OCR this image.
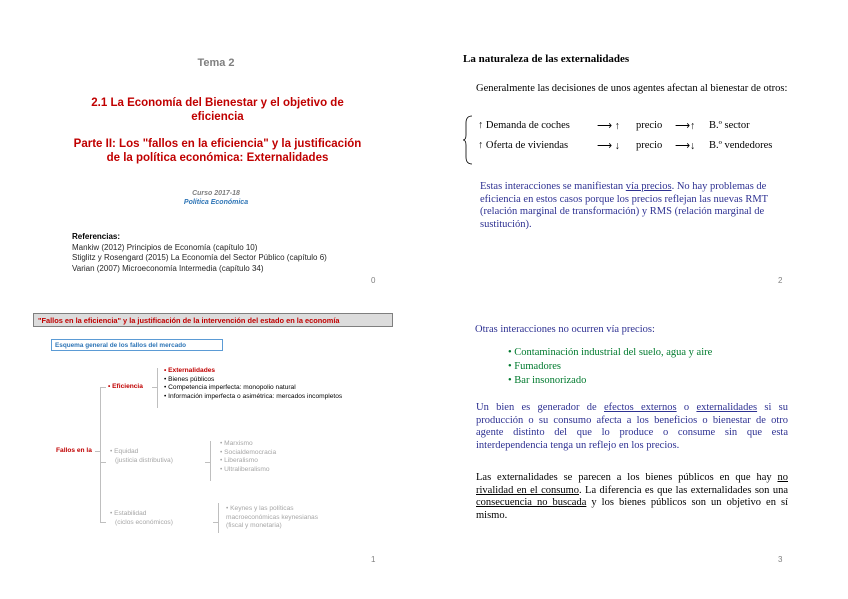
Tema 2
2.1 La Economía del Bienestar y el objetivo de eficiencia
Parte II: Los "fallos en la eficiencia" y la justificación de la política económica: Externalidades
Curso 2017-18
Política Económica
Referencias:
Mankiw (2012) Principios de Economía (capítulo 10)
Stiglitz y Rosengard (2015) La Economía del Sector Público (capítulo 6)
Varian (2007) Microeconomía Intermedia (capítulo 34)
0
"Fallos en la eficiencia" y la justificación de la intervención del estado en la economía
Esquema general de los fallos del mercado
Fallos en la
• Eficiencia
• Externalidades
• Bienes públicos
• Competencia imperfecta: monopolio natural
• Información imperfecta o asimétrica: mercados incompletos
• Equidad
(justicia distributiva)
• Marxismo
• Socialdemocracia
• Liberalismo
• Ultraliberalismo
• Estabilidad
(ciclos económicos)
• Keynes y las políticas
macroeconómicas keynesianas
(fiscal y monetaria)
1
La naturaleza de las externalidades
Generalmente las decisiones de unos agentes afectan al bienestar de otros:
↑ Demanda de coches	⟶ ↑ precio ⟶↑ B.º sector
↑ Oferta de viviendas	⟶ ↓ precio ⟶↓ B.º vendedores
Estas interacciones se manifiestan vía precios. No hay problemas de eficiencia en estos casos porque los precios reflejan las nuevas RMT (relación marginal de transformación) y RMS (relación marginal de sustitución).
2
Otras interacciones no ocurren vía precios:
• Contaminación industrial del suelo, agua y aire
• Fumadores
• Bar insonorizado
Un bien es generador de efectos externos o externalidades si su producción o su consumo afecta a los beneficios o bienestar de otro agente distinto del que lo produce o consume sin que esta interdependencia tenga un reflejo en los precios.
Las externalidades se parecen a los bienes públicos en que hay no rivalidad en el consumo. La diferencia es que las externalidades son una consecuencia no buscada y los bienes públicos son un objetivo en sí mismo.
3
